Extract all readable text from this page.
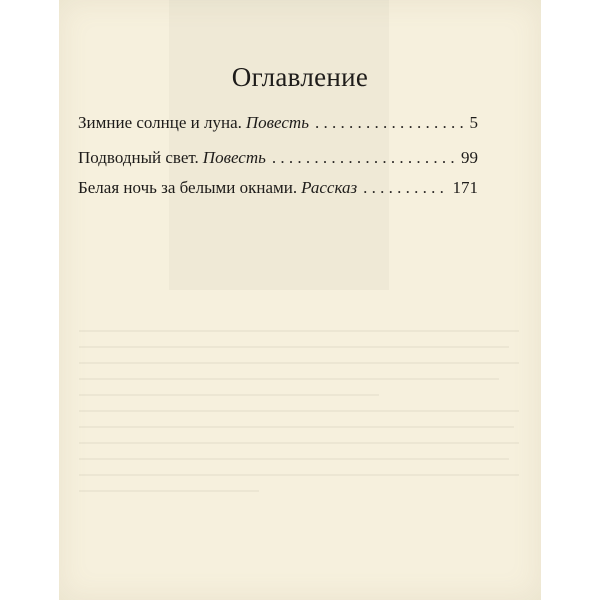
Оглавление
Зимние солнце и луна. Повесть . . .	5
Подводный свет. Повесть . . .	99
Белая ночь за белыми окнами. Рассказ . . .	171
